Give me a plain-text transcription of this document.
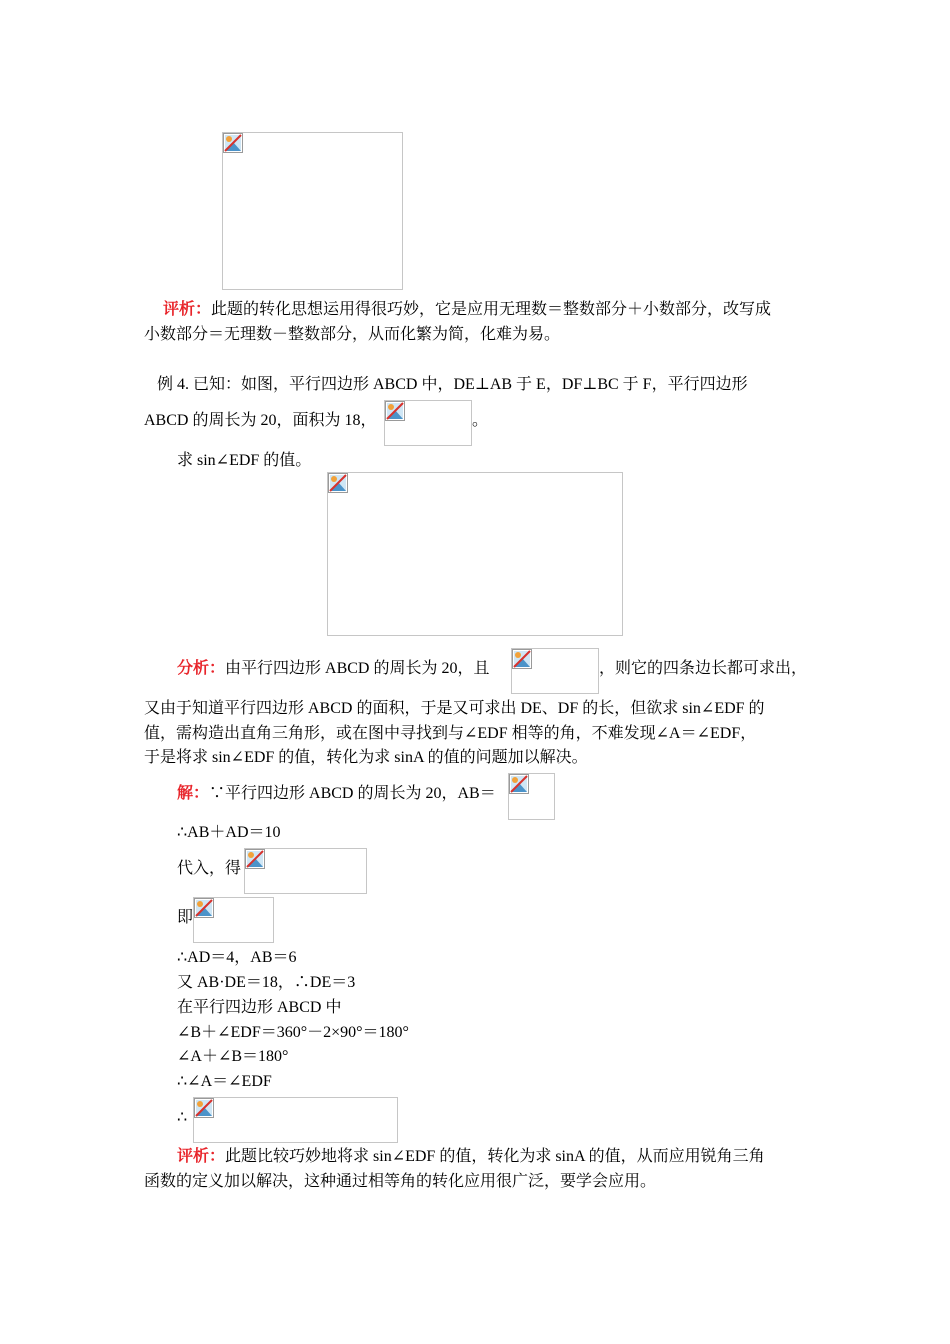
评析：此题的转化思想运用得很巧妙，它是应用无理数＝整数部分＋小数部分，改写成
小数部分＝无理数－整数部分，从而化繁为简，化难为易。
例 4. 已知：如图，平行四边形 ABCD 中，DE⊥AB 于 E，DF⊥BC 于 F，平行四边形
ABCD 的周长为 20，面积为 18，	。
求 sin∠EDF 的值。
分析：由平行四边形 ABCD 的周长为 20，且	，则它的四条边长都可求出，
又由于知道平行四边形 ABCD 的面积，于是又可求出 DE、DF 的长，但欲求 sin∠EDF 的
值，需构造出直角三角形，或在图中寻找到与∠EDF 相等的角，不难发现∠A＝∠EDF，
于是将求 sin∠EDF 的值，转化为求 sinA 的值的问题加以解决。
解：∵平行四边形 ABCD 的周长为 20，AB＝
∴AB＋AD＝10
代入，得
即
∴AD＝4，AB＝6
又 AB·DE＝18，∴DE＝3
在平行四边形 ABCD 中
∠B＋∠EDF＝360°－2×90°＝180°
∠A＋∠B＝180°
∴∠A＝∠EDF
∴
评析：此题比较巧妙地将求 sin∠EDF 的值，转化为求 sinA 的值，从而应用锐角三角
函数的定义加以解决，这种通过相等角的转化应用很广泛，要学会应用。
